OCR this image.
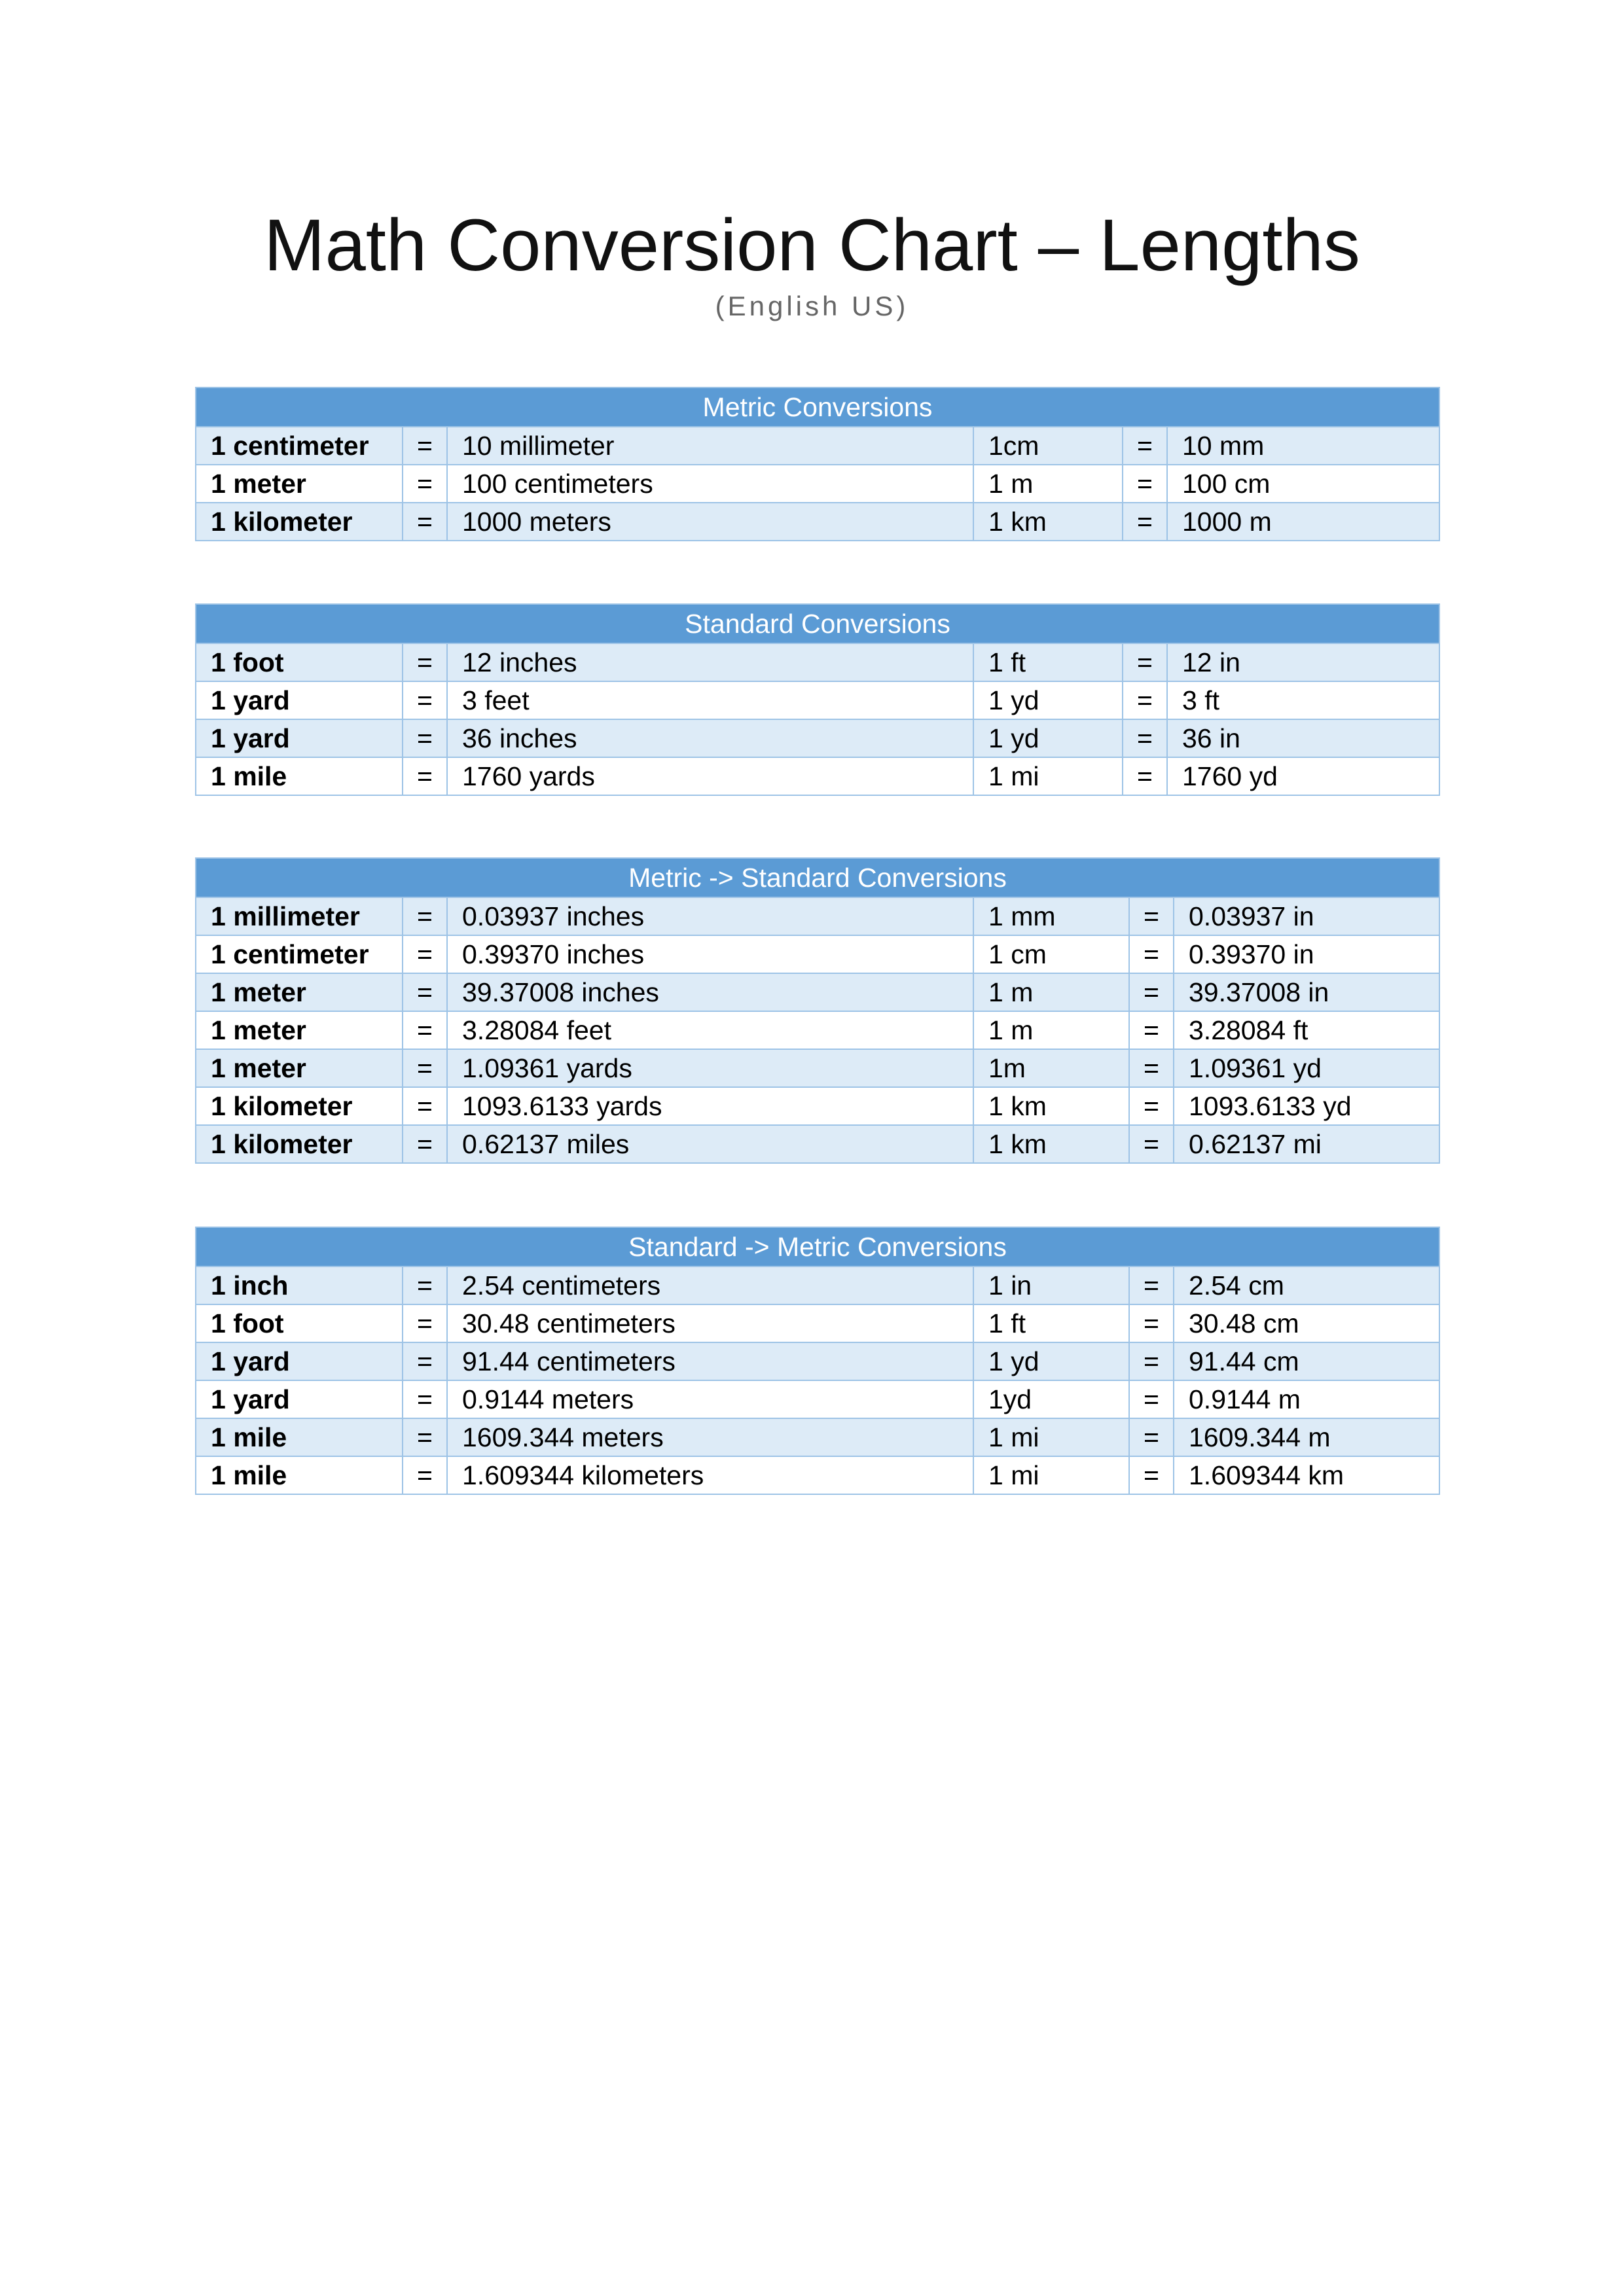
Math Conversion Chart – Lengths
(English US)
Metric Conversions					
1 centimeter	=	10 millimeter	1cm	=	10 mm
1 meter	=	100 centimeters	1 m	=	100 cm
1 kilometer	=	1000 meters	1 km	=	1000 m
Standard Conversions					
1 foot	=	12 inches	1 ft	=	12 in
1 yard	=	3 feet	1 yd	=	3 ft
1 yard	=	36 inches	1 yd	=	36 in
1 mile	=	1760 yards	1 mi	=	1760 yd
Metric -> Standard Conversions					
1 millimeter	=	0.03937 inches	1 mm	=	0.03937 in
1 centimeter	=	0.39370 inches	1 cm	=	0.39370 in
1 meter	=	39.37008 inches	1 m	=	39.37008 in
1 meter	=	3.28084 feet	1 m	=	3.28084 ft
1 meter	=	1.09361 yards	1m	=	1.09361 yd
1 kilometer	=	1093.6133 yards	1 km	=	1093.6133 yd
1 kilometer	=	0.62137 miles	1 km	=	0.62137 mi
Standard -> Metric Conversions					
1 inch	=	2.54 centimeters	1 in	=	2.54 cm
1 foot	=	30.48 centimeters	1 ft	=	30.48 cm
1 yard	=	91.44 centimeters	1 yd	=	91.44 cm
1 yard	=	0.9144 meters	1yd	=	0.9144 m
1 mile	=	1609.344 meters	1 mi	=	1609.344 m
1 mile	=	1.609344 kilometers	1 mi	=	1.609344 km
